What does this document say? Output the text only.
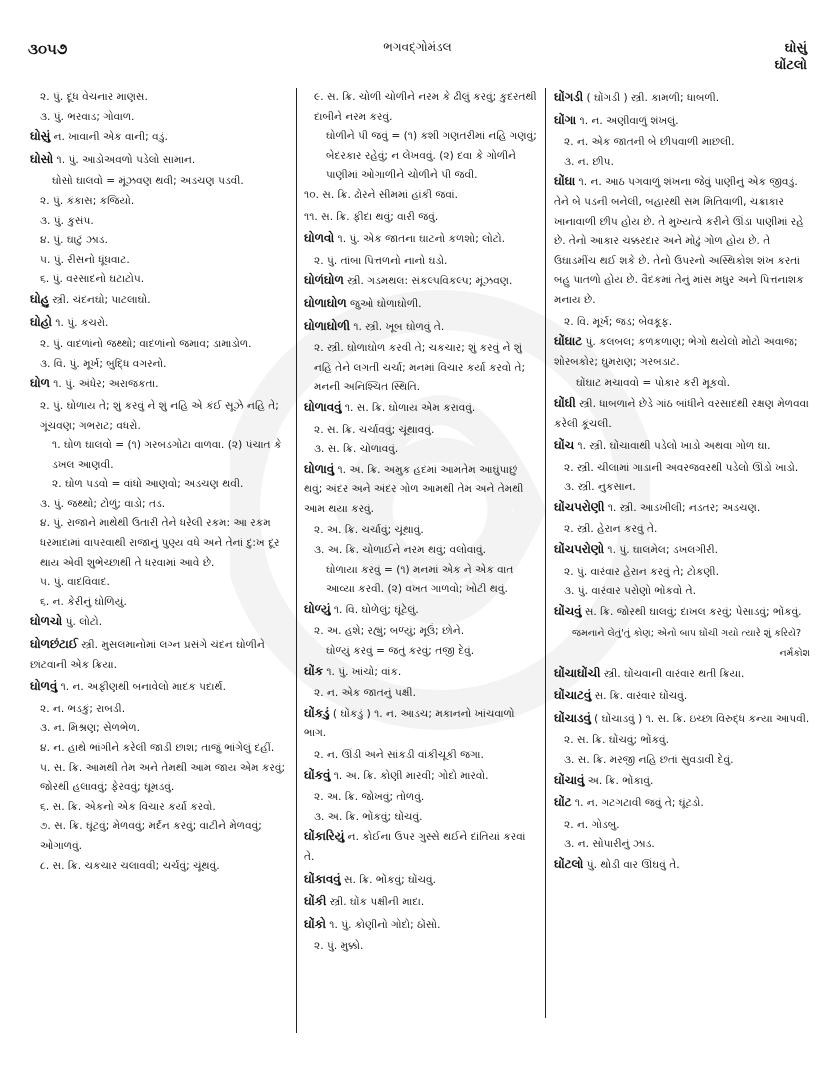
૩૦૫૭	ભગવદ્ગોમંડલ	ઘોસું
ઘોંટલો
૨. પું. દૂધ વેચનાર માણસ.
૩. પું. ભરવાડ; ગોવાળ.
ઘોસું ન. ખાવાની એક વાની; વડું.
ઘોસો ૧. પું. આડોઅવળો પડેલો સામાન.
ઘોસો ઘાલવો = મૂંઝવણ થવી; અડચણ પડવી.
૨. પું. કંકાસ; કજિયો.
૩. પું. કુસંપ.
૪. પું. ઘાટું ઝાડ.
૫. પું. રીસનો ધૂંધવાટ.
૬. પું. વરસાદનો ઘટાટોપ.
ઘોહુ સ્ત્રી. ચંદનઘો; પાટલાઘો.
ઘોહો ૧. પું. કચરો.
૨. પું. વાદળાંનો જથ્થો; વાદળાંનો જમાવ; ડામાડોળ.
૩. વિ. પું. મૂર્ખ; બુદ્ધિ વગરનો.
ઘોળ ૧. પું. અંધેર; અરાજકતા.
૨. પું. ઘોળાય તે; શું કરવું ને શું નહિ એ કંઈ સૂઝે નહિ તે; ગૂંચવણ; ગભરાટ; વધરો.
૧. ઘોળ ઘાલવો = (૧) ગરબડગોટા વાળવા. (૨) પંચાત કે ડખલ આણવી.
૨. ઘોળ પડવો = વાંધો આણવો; અડચણ થવી.
૩. પું. જથ્થો; ટોળું; વાડો; તડ.
૪. પું. રાજાને માથેથી ઉતારી તેને ધરેલી રકમ: આ રકમ ધરમાદામાં વાપરવાથી રાજાનું પુણ્ય વધે અને તેનાં દુ:ખ દૂર થાય એવી શુભેચ્છાથી તે ધરવામાં આવે છે.
૫. પું. વાદવિવાદ.
૬. ન. કેરીનું ઘોળિયું.
ઘોળચો પું. લોટો.
ઘોળછંટાઈ સ્ત્રી. મુસલમાનોમાં લગ્ન પ્રસંગે ચંદન ઘોળીને છાંટવાની એક ક્રિયા.
ઘોળવું ૧. ન. અફીણથી બનાવેલો માદક પદાર્થ.
૨. ન. ભડકું; રાબડી.
૩. ન. મિશ્રણ; સેળભેળ.
૪. ન. હાથે ભાંગીને કરેલી જાડી છાશ; તાજું ભાંગેલું દહીં.
૫. સ. ક્રિ. આમથી તેમ અને તેમથી આમ જાય એમ કરવું; જોરથી હલાવવું; ફેરવવું; ઘૂમડવું.
૬. સ. ક્રિ. એકનો એક વિચાર કર્યા કરવો.
૭. સ. ક્રિ. ઘૂંટવું; મેળવવું; મર્દન કરવું; વાટીને મેળવવું; ઓગાળવું.
૮. સ. ક્રિ. ચકચાર ચલાવવી; ચર્ચવું; ચૂંથવું.
૯. સ. ક્રિ. ચોળી ચોળીને નરમ કે ઢીલું કરવું; કુદરતથી દાબીને નરમ કરવું.
ઘોળીને પી જવું = (૧) કશી ગણતરીમાં નહિ ગણવું; બેદરકાર રહેવું; ન લેખવવું. (૨) દવા કે ગોળીને પાણીમાં ઓગાળીને ચોળીને પી જવી.
૧૦. સ. ક્રિ. ઢોરને સીમમાં હાંકી જવાં.
૧૧. સ. ક્રિ. ફીદા થવું; વારી જવું.
ઘોળવો ૧. પું. એક જાતના ઘાટનો કળશો; લોટો.
૨. પું. તાંબા પિત્તળનો નાનો ઘડો.
ઘોળંઘોળ સ્ત્રી. ગડમથલ: સંકલ્પવિકલ્પ; મૂંઝવણ.
ઘોળાઘોળ જુઓ ઘોળાઘોળી.
ઘોળાઘોળી ૧. સ્ત્રી. ખૂબ ઘોળવું તે.
૨. સ્ત્રી. ઘોળાઘોળ કરવી તે; ચકચાર; શું કરવું ને શું નહિ તેને લગતી ચર્ચા; મનમાં વિચાર કર્યા કરવો તે; મનની અનિશ્ચિત સ્થિતિ.
ઘોળાવવું ૧. સ. ક્રિ. ઘોળાય એમ કરાવવું.
૨. સ. ક્રિ. ચર્ચાવવું; ચૂંથાવવું.
૩. સ. ક્રિ. ચોળાવવું.
ઘોળાવું ૧. અ. ક્રિ. અમુક હદમાં આમતેમ આઘુંપાછું થવું; અંદર અને અંદર ગોળ આમથી તેમ અને તેમથી આમ થયા કરવું.
૨. અ. ક્રિ. ચર્ચાવું; ચૂંથાવું.
૩. અ. ક્રિ. ચોળાઈને નરમ થવું; વલોવાવું.
ઘોળાયા કરવું = (૧) મનમાં એક ને એક વાત આવ્યા કરવી. (૨) વખત ગાળવો; ખોટી થવું.
ઘોળ્યું ૧. વિ. ઘોળેલું; ઘૂંટેલું.
૨. અ. હશે; રહ્યું; બળ્યું; મૂઉં; છોને.
ઘોળ્યું કરવું = જતું કરવું; તજી દેવું.
ઘોંક ૧. પું. ખાંચો; વાંક.
૨. ન. એક જાતનું પક્ષી.
ઘોંકડું ( ઘોંકડું ) ૧. ન. આડચ; મકાનનો ખાંચવાળો ભાગ.
૨. ન. ઊંડી અને સાંકડી વાંકીચૂકી જગા.
ઘોંકવું ૧. અ. ક્રિ. કોણી મારવી; ગોદો મારવો.
૨. અ. ક્રિ. જોખવું; તોળવું.
૩. અ. ક્રિ. ભોંકવું; ઘોંચવું.
ઘોંકારિયું ન. કોઈના ઉપર ગુસ્સે થઈને દાંતિયાં કરવાં તે.
ઘોંકાવવું સ. ક્રિ. ભોંકવું; ઘોંચવું.
ઘોંકી સ્ત્રી. ઘોંક પક્ષીની માદા.
ઘોંકો ૧. પું. કોણીનો ગોદો; ઠોંસો.
૨. પું. મુક્કો.
ઘોંગડી ( ઘોંગડી ) સ્ત્રી. કામળી; ધાબળી.
ઘોંગા ૧. ન. અણીવાળું શંખલું.
૨. ન. એક જાતની બે છીપવાળી માછલી.
૩. ન. છીપ.
ઘોંઘા ૧. ન. આઠ પગવાળું શંખના જેવું પાણીનું એક જીવડું. તેને બે પડની બનેલી, બહારથી સમ મિતિવાળી, ચક્રાકાર ખાનાવાળી છીપ હોય છે. તે મુખ્યત્વે કરીને ઊંડા પાણીમાં રહે છે. તેનો આકાર ચક્કરદાર અને મોઢું ગોળ હોય છે. તે ઉઘાડમીંચ થઈ શકે છે. તેનો ઉપરનો અસ્થિકોશ શંખ કરતાં બહુ પાતળો હોય છે. વૈદકમાં તેનું માંસ મધુર અને પિત્તનાશક મનાય છે.
૨. વિ. મૂર્ખ; જડ; બેવકૂફ.
ઘોંઘાટ પું. કલબલ; કળકળાણ; ભેગો થયેલો મોટો અવાજ; શોરબકોર; ઘુમરાણ; ગરબડાટ.
ઘોંઘાટ મચાવવો = પોકાર કરી મૂકવો.
ઘોંઘી સ્ત્રી. ધાબળાને છેડે ગાંઠ બાંધીને વરસાદથી રક્ષણ મેળવવા કરેલી કૂંચલી.
ઘોંચ ૧. સ્ત્રી. ઘોંચાવાથી પડેલો ખાડો અથવા ગોળ ઘા.
૨. સ્ત્રી. ચીલામાં ગાડાની અવરજવરથી પડેલો ઊંડો ખાડો.
૩. સ્ત્રી. નુકસાન.
ઘોંચપરોણી ૧. સ્ત્રી. આડખીલી; નડતર; અડચણ.
૨. સ્ત્રી. હેરાન કરવું તે.
ઘોંચપરોણો ૧. પું. ઘાલમેલ; ડખલગીરી.
૨. પું. વારંવાર હેરાન કરવું તે; ટોકણી.
૩. પું. વારંવાર પરોણો ભોંકવો તે.
ઘોંચવું સ. ક્રિ. જોરથી ઘાલવું; દાખલ કરવું; પેસાડવું; ભોંકવું.
જમનાને લેતું'તું કોણ; એનો બાપ ઘોંચી ગયો ત્યારે શું કરિયે?
નર્મકોશ
ઘોંચાઘોંચી સ્ત્રી. ઘોંચવાની વારંવાર થતી ક્રિયા.
ઘોંચાટવું સ. ક્રિ. વારંવાર ઘોંચવું.
ઘોંચાડવું ( ઘોંચાડવું ) ૧. સ. ક્રિ. ઇચ્છા વિરુદ્ધ કન્યા આપવી.
૨. સ. ક્રિ. ઘોંચવું; ભોંકવું.
૩. સ. ક્રિ. મરજી નહિ છતાં સુવડાવી દેવું.
ઘોંચાવું અ. ક્રિ. ભોંકાવું.
ઘોંટ ૧. ન. ગટગટાવી જવું તે; ઘૂંટડો.
૨. ન. ગોડબુ.
૩. ન. સોપારીનું ઝાડ.
ઘોંટલો પું. થોડી વાર ઊંઘવું તે.
